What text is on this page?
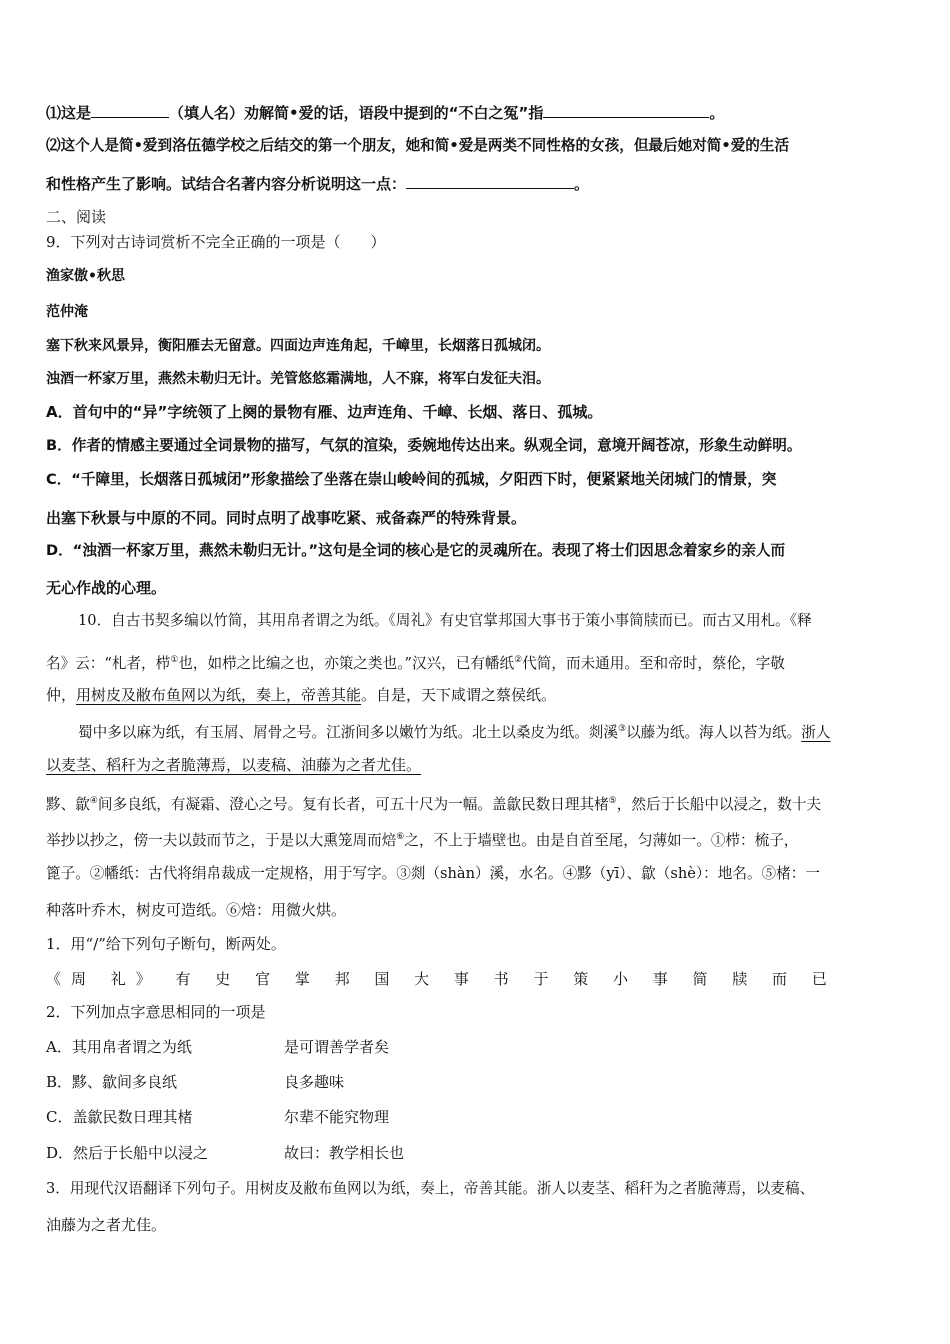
⑴这是	（填人名）劝解简•爱的话，语段中提到的“不白之冤”指	。
⑵这个人是简•爱到洛伍德学校之后结交的第一个朋友，她和简•爱是两类不同性格的女孩，但最后她对简•爱的生活
和性格产生了影响。试结合名著内容分析说明这一点：	。
二、阅读
9．下列对古诗词赏析不完全正确的一项是（　　）
渔家傲•秋思
范仲淹
塞下秋来风景异，衡阳雁去无留意。四面边声连角起，千嶂里，长烟落日孤城闭。
浊酒一杯家万里，燕然未勒归无计。羌管悠悠霜满地，人不寐，将军白发征夫泪。
A．首句中的“异”字统领了上阕的景物有雁、边声连角、千嶂、长烟、落日、孤城。
B．作者的情感主要通过全词景物的描写，气氛的渲染，委婉地传达出来。纵观全词，意境开阔苍凉，形象生动鲜明。
C．“千障里，长烟落日孤城闭”形象描绘了坐落在崇山峻岭间的孤城，夕阳西下时，便紧紧地关闭城门的情景，突
出塞下秋景与中原的不同。同时点明了战事吃紧、戒备森严的特殊背景。
D．“浊酒一杯家万里，燕然未勒归无计。”这句是全词的核心是它的灵魂所在。表现了将士们因思念着家乡的亲人而
无心作战的心理。
10．自古书契多编以竹简，其用帛者谓之为纸。《周礼》有史官掌邦国大事书于策小事简牍而已。而古又用札。《释
名》云：“札者，栉①也，如栉之比编之也，亦策之类也。”汉兴，已有幡纸②代简，而未通用。至和帝时，蔡伦，字敬
仲，用树皮及敝布鱼网以为纸，奏上，帝善其能。自是，天下咸谓之蔡侯纸。
蜀中多以麻为纸，有玉屑、屑骨之号。江浙间多以嫩竹为纸。北土以桑皮为纸。剡溪③以藤为纸。海人以苔为纸。浙人
以麦茎、稻秆为之者脆薄焉，以麦稿、油藤为之者尤佳。
黟、歙④间多良纸，有凝霜、澄心之号。复有长者，可五十尺为一幅。盖歙民数日理其楮⑤，然后于长船中以浸之，数十夫
举抄以抄之，傍一夫以鼓而节之，于是以大熏笼周而焙⑥之，不上于墙壁也。由是自首至尾，匀薄如一。①栉：梳子，
篦子。②幡纸：古代将绢帛裁成一定规格，用于写字。③剡（shàn）溪，水名。④黟（yī）、歙（shè）：地名。⑤楮：一
种落叶乔木，树皮可造纸。⑥焙：用微火烘。
1．用“/”给下列句子断句，断两处。
《周 礼》 有 史 官 掌 邦 国 大 事 书 于 策 小 事 简 牍 而 已
2．下列加点字意思相同的一项是
A．其用帛者谓之为纸	是可谓善学者矣
B．黟、歙间多良纸	良多趣味
C．盖歙民数日理其楮	尔辈不能究物理
D．然后于长船中以浸之	故曰：教学相长也
3．用现代汉语翻译下列句子。用树皮及敝布鱼网以为纸，奏上，帝善其能。浙人以麦茎、稻秆为之者脆薄焉，以麦稿、
油藤为之者尤佳。
